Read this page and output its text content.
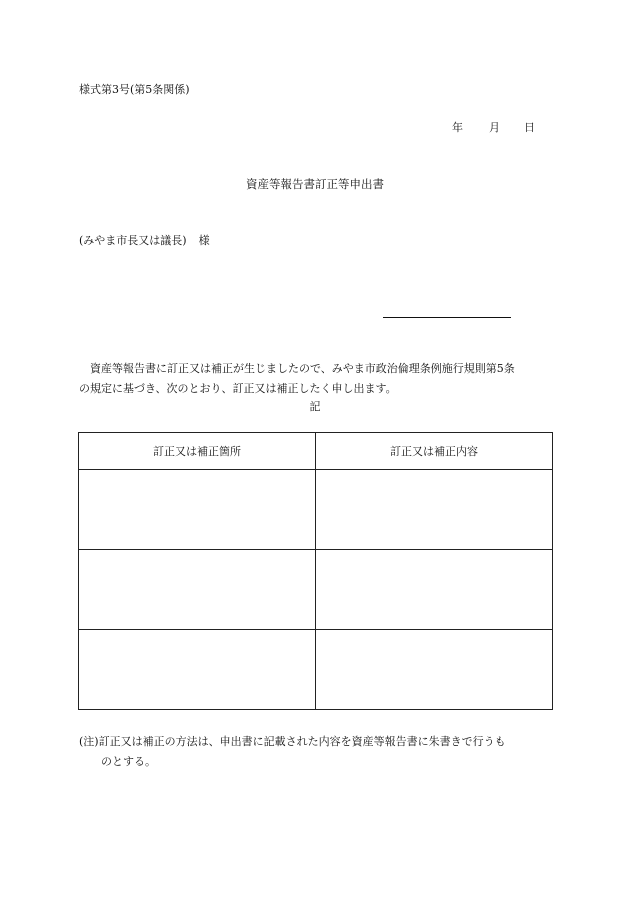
様式第3号(第5条関係)
年 月 日
資産等報告書訂正等申出書
(みやま市長又は議長) 様
資産等報告書に訂正又は補正が生じましたので、みやま市政治倫理条例施行規則第5条
の規定に基づき、次のとおり、訂正又は補正したく申し出ます。
記
訂正又は補正箇所	訂正又は補正内容

(注)訂正又は補正の方法は、申出書に記載された内容を資産等報告書に朱書きで行うも
のとする。
